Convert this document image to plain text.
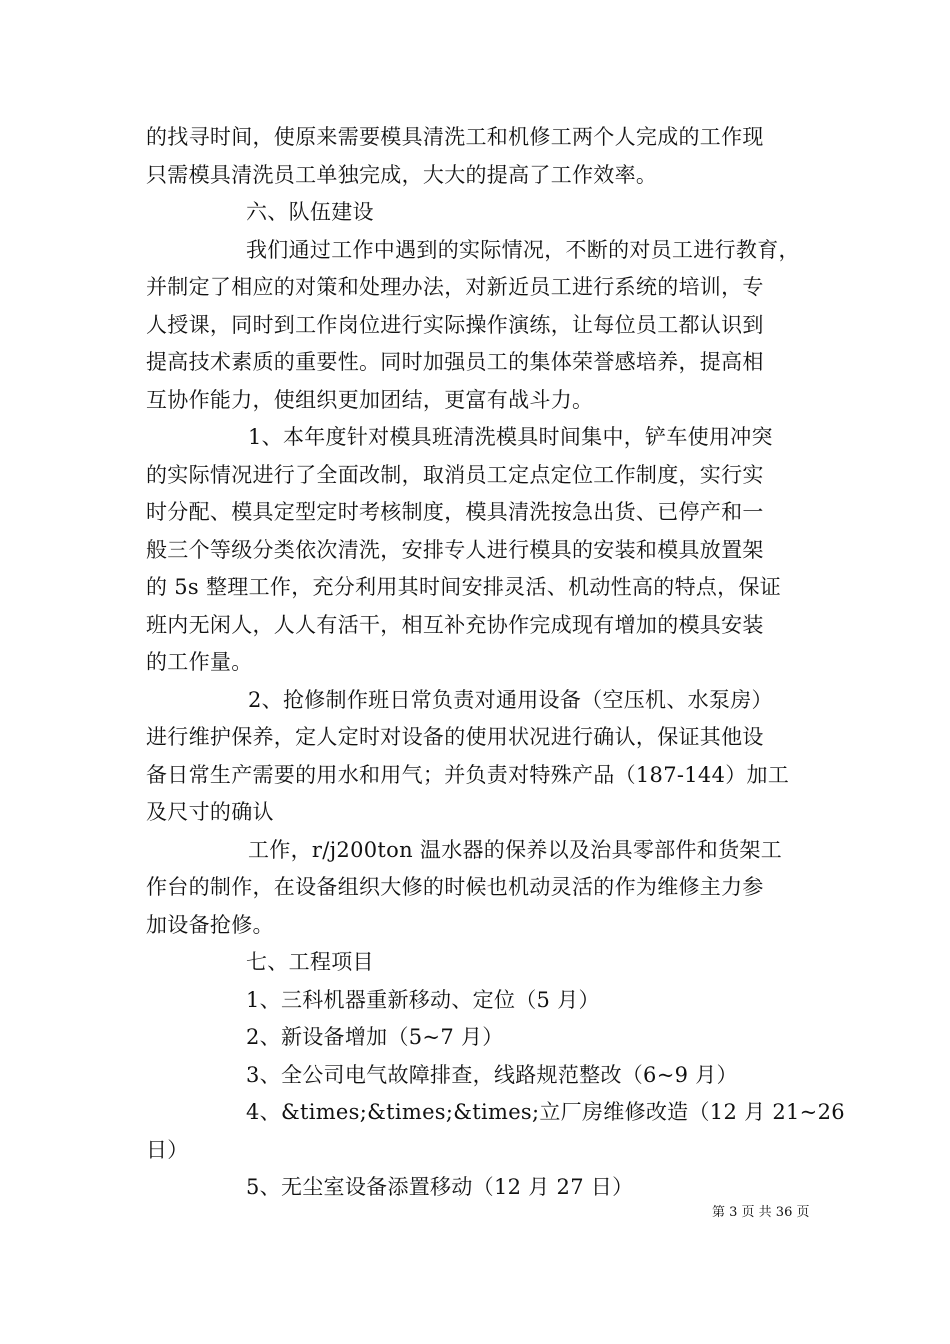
的找寻时间，使原来需要模具清洗工和机修工两个人完成的工作现
只需模具清洗员工单独完成，大大的提高了工作效率。
六、队伍建设
我们通过工作中遇到的实际情况，不断的对员工进行教育，
并制定了相应的对策和处理办法，对新近员工进行系统的培训，专
人授课，同时到工作岗位进行实际操作演练，让每位员工都认识到
提高技术素质的重要性。同时加强员工的集体荣誉感培养，提高相
互协作能力，使组织更加团结，更富有战斗力。
1、本年度针对模具班清洗模具时间集中，铲车使用冲突
的实际情况进行了全面改制，取消员工定点定位工作制度，实行实
时分配、模具定型定时考核制度，模具清洗按急出货、已停产和一
般三个等级分类依次清洗，安排专人进行模具的安装和模具放置架
的 5s 整理工作，充分利用其时间安排灵活、机动性高的特点，保证
班内无闲人，人人有活干，相互补充协作完成现有增加的模具安装
的工作量。
2、抢修制作班日常负责对通用设备（空压机、水泵房）
进行维护保养，定人定时对设备的使用状况进行确认，保证其他设
备日常生产需要的用水和用气；并负责对特殊产品（187-144）加工
及尺寸的确认
工作，r/j200ton 温水器的保养以及治具零部件和货架工
作台的制作，在设备组织大修的时候也机动灵活的作为维修主力参
加设备抢修。
七、工程项目
1、三科机器重新移动、定位（5 月）
2、新设备增加（5~7 月）
3、全公司电气故障排查，线路规范整改（6~9 月）
4、&times;&times;&times;立厂房维修改造（12 月 21~26
日）
5、无尘室设备添置移动（12 月 27 日）
第 3 页 共 36 页
